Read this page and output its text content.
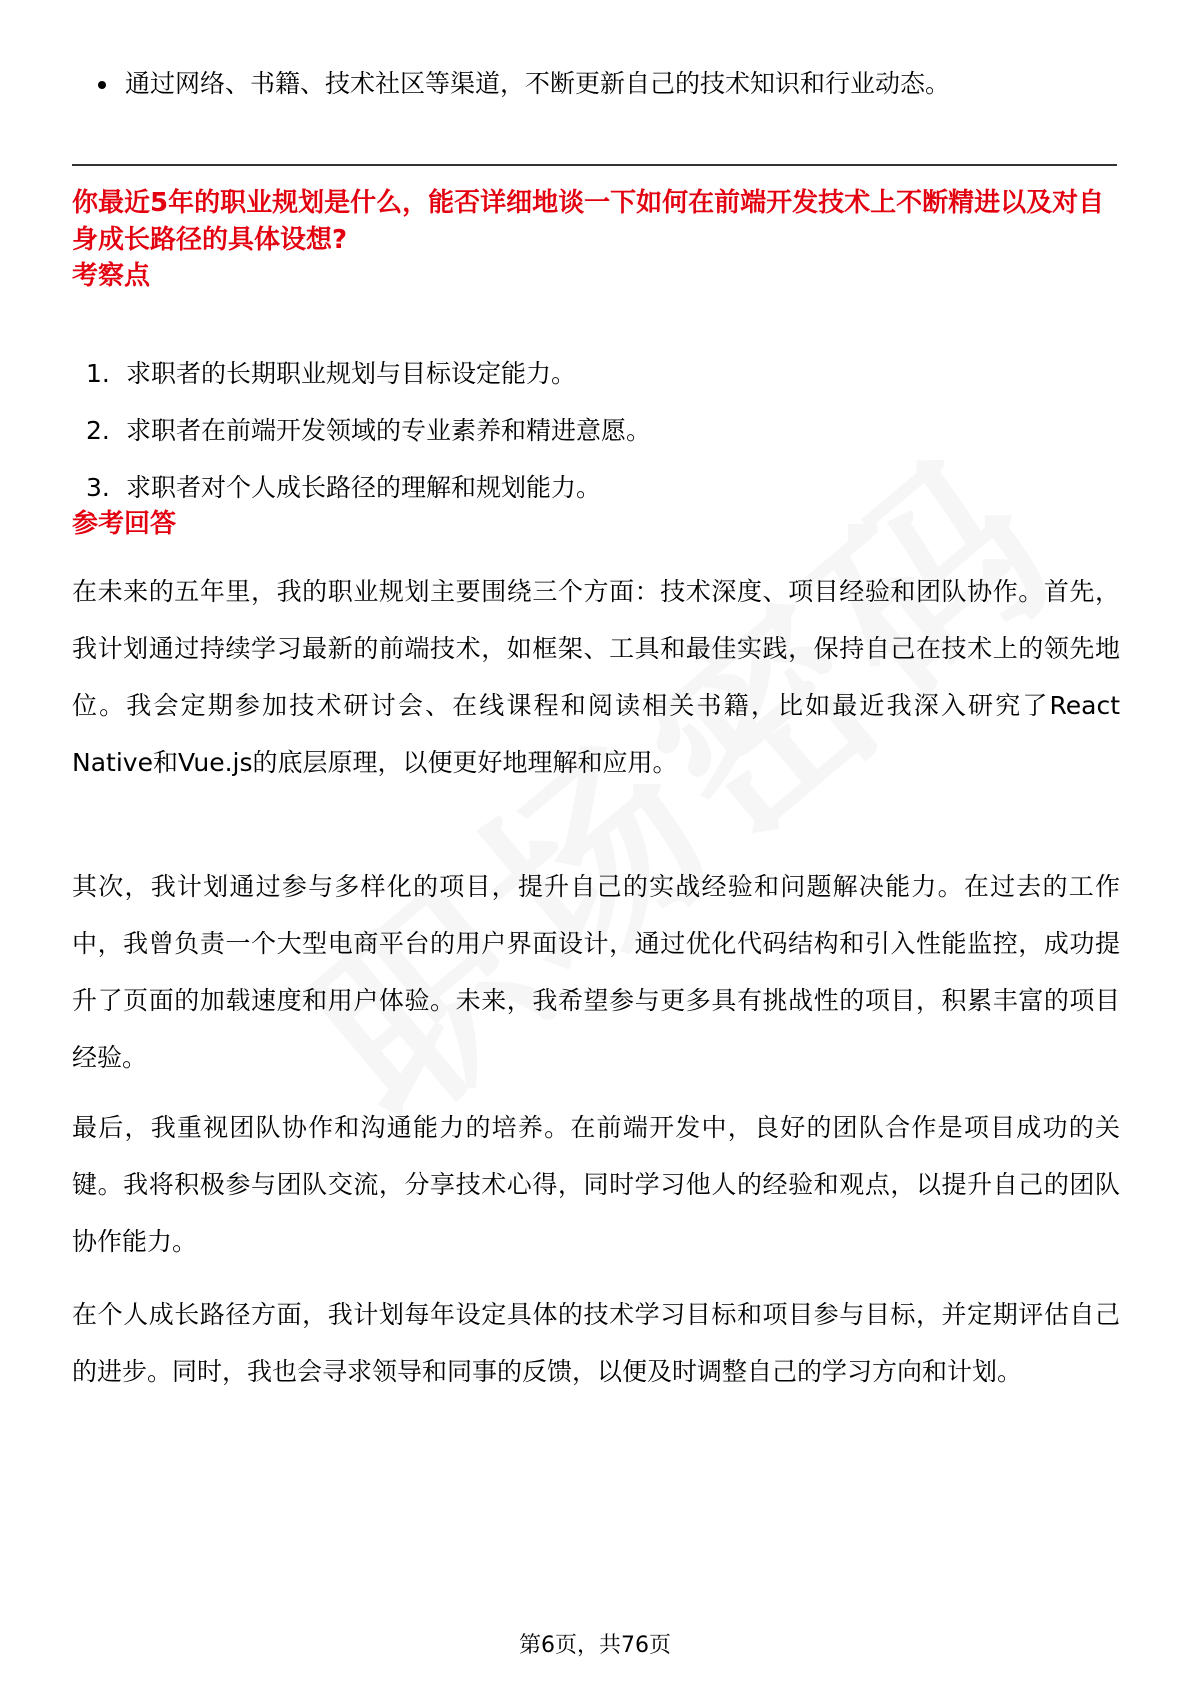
通过网络、书籍、技术社区等渠道，不断更新自己的技术知识和行业动态。
你最近5年的职业规划是什么，能否详细地谈一下如何在前端开发技术上不断精进以及对自身成长路径的具体设想?
考察点
1. 求职者的长期职业规划与目标设定能力。
2. 求职者在前端开发领域的专业素养和精进意愿。
3. 求职者对个人成长路径的理解和规划能力。
参考回答
在未来的五年里，我的职业规划主要围绕三个方面：技术深度、项目经验和团队协作。首先，我计划通过持续学习最新的前端技术，如框架、工具和最佳实践，保持自己在技术上的领先地位。我会定期参加技术研讨会、在线课程和阅读相关书籍，比如最近我深入研究了React Native和Vue.js的底层原理，以便更好地理解和应用。
其次，我计划通过参与多样化的项目，提升自己的实战经验和问题解决能力。在过去的工作中，我曾负责一个大型电商平台的用户界面设计，通过优化代码结构和引入性能监控，成功提升了页面的加载速度和用户体验。未来，我希望参与更多具有挑战性的项目，积累丰富的项目经验。
最后，我重视团队协作和沟通能力的培养。在前端开发中，良好的团队合作是项目成功的关键。我将积极参与团队交流，分享技术心得，同时学习他人的经验和观点，以提升自己的团队协作能力。
在个人成长路径方面，我计划每年设定具体的技术学习目标和项目参与目标，并定期评估自己的进步。同时，我也会寻求领导和同事的反馈，以便及时调整自己的学习方向和计划。
第6页，共76页
